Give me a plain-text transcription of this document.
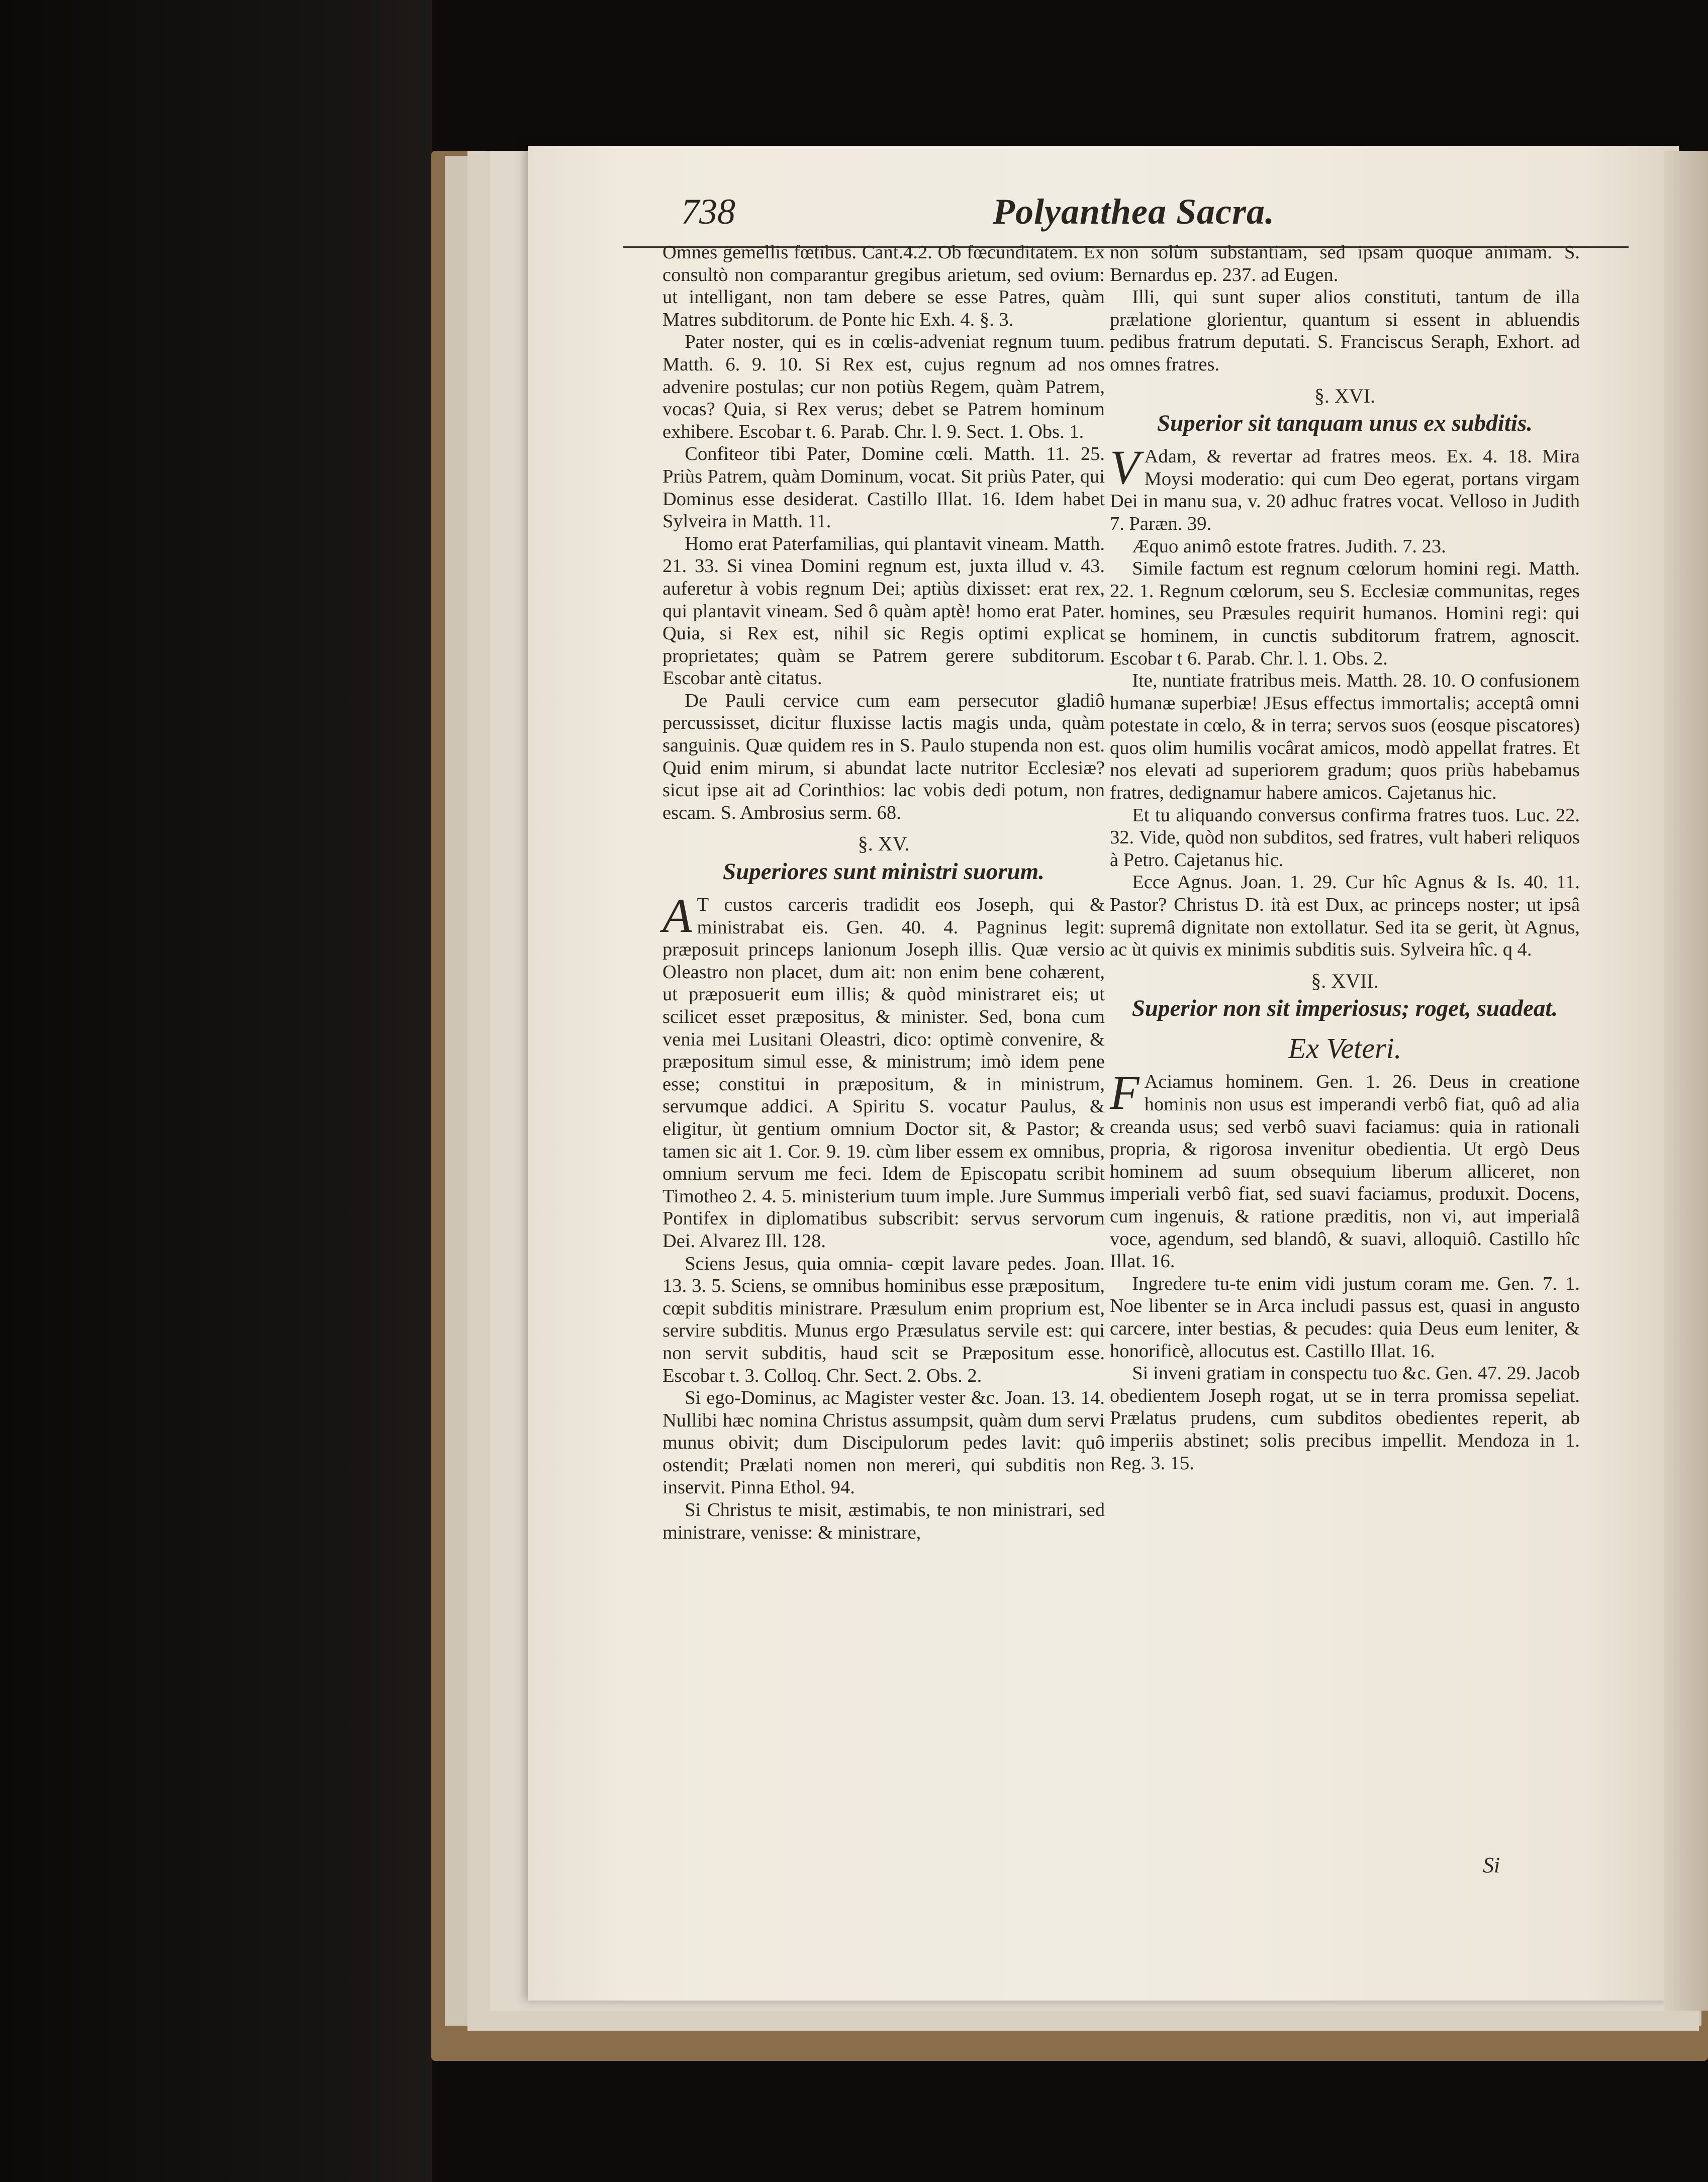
738	Polyanthea Sacra.

Omnes gemellis fœtibus. Cant.4.2. Ob fœcunditatem. Ex consultò non comparantur gregibus arietum, sed ovium: ut intelligant, non tam debere se esse Patres, quàm Matres subditorum. de Ponte hic Exh. 4. §. 3.

Pater noster, qui es in cœlis-adveniat regnum tuum. Matth. 6. 9. 10. Si Rex est, cujus regnum ad nos advenire postulas; cur non potiùs Regem, quàm Patrem, vocas? Quia, si Rex verus; debet se Patrem hominum exhibere. Escobar t. 6. Parab. Chr. l. 9. Sect. 1. Obs. 1.

Confiteor tibi Pater, Domine cœli. Matth. 11. 25. Priùs Patrem, quàm Dominum, vocat. Sit priùs Pater, qui Dominus esse desiderat. Castillo Illat. 16. Idem habet Sylveira in Matth. 11.

Homo erat Paterfamilias, qui plantavit vineam. Matth. 21. 33. Si vinea Domini regnum est, juxta illud v. 43. auferetur à vobis regnum Dei; aptiùs dixisset: erat rex, qui plantavit vineam. Sed ô quàm aptè! homo erat Pater. Quia, si Rex est, nihil sic Regis optimi explicat proprietates; quàm se Patrem gerere subditorum. Escobar antè citatus.

De Pauli cervice cum eam persecutor gladiô percussisset, dicitur fluxisse lactis magis unda, quàm sanguinis. Quæ quidem res in S. Paulo stupenda non est. Quid enim mirum, si abundat lacte nutritor Ecclesiæ? sicut ipse ait ad Corinthios: lac vobis dedi potum, non escam. S. Ambrosius serm. 68.

§. XV.

Superiores sunt ministri suorum.

A T custos carceris tradidit eos Joseph, qui & ministrabat eis. Gen. 40. 4. Pagninus legit: præposuit princeps lanionum Joseph illis. Quæ versio Oleastro non placet, dum ait: non enim bene cohærent, ut præposuerit eum illis; & quòd ministraret eis; ut scilicet esset præpositus, & minister. Sed, bona cum venia mei Lusitani Oleastri, dico: optimè convenire, & præpositum simul esse, & ministrum; imò idem pene esse; constitui in præpositum, & in ministrum, servumque addici. A Spiritu S. vocatur Paulus, & eligitur, ùt gentium omnium Doctor sit, & Pastor; & tamen sic ait 1. Cor. 9. 19. cùm liber essem ex omnibus, omnium servum me feci. Idem de Episcopatu scribit Timotheo 2. 4. 5. ministerium tuum imple. Jure Summus Pontifex in diplomatibus subscribit: servus servorum Dei. Alvarez Ill. 128.

Sciens Jesus, quia omnia- cœpit lavare pedes. Joan. 13. 3. 5. Sciens, se omnibus hominibus esse præpositum, cœpit subditis ministrare. Præsulum enim proprium est, servire subditis. Munus ergo Præsulatus servile est: qui non servit subditis, haud scit se Præpositum esse. Escobar t. 3. Colloq. Chr. Sect. 2. Obs. 2.

Si ego-Dominus, ac Magister vester &c. Joan. 13. 14. Nullibi hæc nomina Christus assumpsit, quàm dum servi munus obivit; dum Discipulorum pedes lavit: quô ostendit; Prælati nomen non mereri, qui subditis non inservit. Pinna Ethol. 94.

Si Christus te misit, æstimabis, te non ministrari, sed ministrare, venisse: & ministrare,

non solùm substantiam, sed ipsam quoque animam. S. Bernardus ep. 237. ad Eugen.

Illi, qui sunt super alios constituti, tantum de illa prælatione glorientur, quantum si essent in abluendis pedibus fratrum deputati. S. Franciscus Seraph, Exhort. ad omnes fratres.

§. XVI.

Superior sit tanquam unus ex subditis.

V Adam, & revertar ad fratres meos. Ex. 4. 18. Mira Moysi moderatio: qui cum Deo egerat, portans virgam Dei in manu sua, v. 20 adhuc fratres vocat. Velloso in Judith 7. Paræn. 39.

Æquo animô estote fratres. Judith. 7. 23.

Simile factum est regnum cœlorum homini regi. Matth. 22. 1. Regnum cœlorum, seu S. Ecclesiæ communitas, reges homines, seu Præsules requirit humanos. Homini regi: qui se hominem, in cunctis subditorum fratrem, agnoscit. Escobar t 6. Parab. Chr. l. 1. Obs. 2.

Ite, nuntiate fratribus meis. Matth. 28. 10. O confusionem humanæ superbiæ! JEsus effectus immortalis; acceptâ omni potestate in cœlo, & in terra; servos suos (eosque piscatores) quos olim humilis vocârat amicos, modò appellat fratres. Et nos elevati ad superiorem gradum; quos priùs habebamus fratres, dedignamur habere amicos. Cajetanus hic.

Et tu aliquando conversus confirma fratres tuos. Luc. 22. 32. Vide, quòd non subditos, sed fratres, vult haberi reliquos à Petro. Cajetanus hic.

Ecce Agnus. Joan. 1. 29. Cur hîc Agnus & Is. 40. 11. Pastor? Christus D. ità est Dux, ac princeps noster; ut ipsâ supremâ dignitate non extollatur. Sed ita se gerit, ùt Agnus, ac ùt quivis ex minimis subditis suis. Sylveira hîc. q 4.

§. XVII.

Superior non sit imperiosus; roget, suadeat.

Ex Veteri.

F Aciamus hominem. Gen. 1. 26. Deus in creatione hominis non usus est imperandi verbô fiat, quô ad alia creanda usus; sed verbô suavi faciamus: quia in rationali propria, & rigorosa invenitur obedientia. Ut ergò Deus hominem ad suum obsequium liberum alliceret, non imperiali verbô fiat, sed suavi faciamus, produxit. Docens, cum ingenuis, & ratione præditis, non vi, aut imperialâ voce, agendum, sed blandô, & suavi, alloquiô. Castillo hîc Illat. 16.

Ingredere tu-te enim vidi justum coram me. Gen. 7. 1. Noe libenter se in Arca includi passus est, quasi in angusto carcere, inter bestias, & pecudes: quia Deus eum leniter, & honorificè, allocutus est. Castillo Illat. 16.

Si inveni gratiam in conspectu tuo &c. Gen. 47. 29. Jacob obedientem Joseph rogat, ut se in terra promissa sepeliat. Prælatus prudens, cum subditos obedientes reperit, ab imperiis abstinet; solis precibus impellit. Mendoza in 1. Reg. 3. 15.

Si
